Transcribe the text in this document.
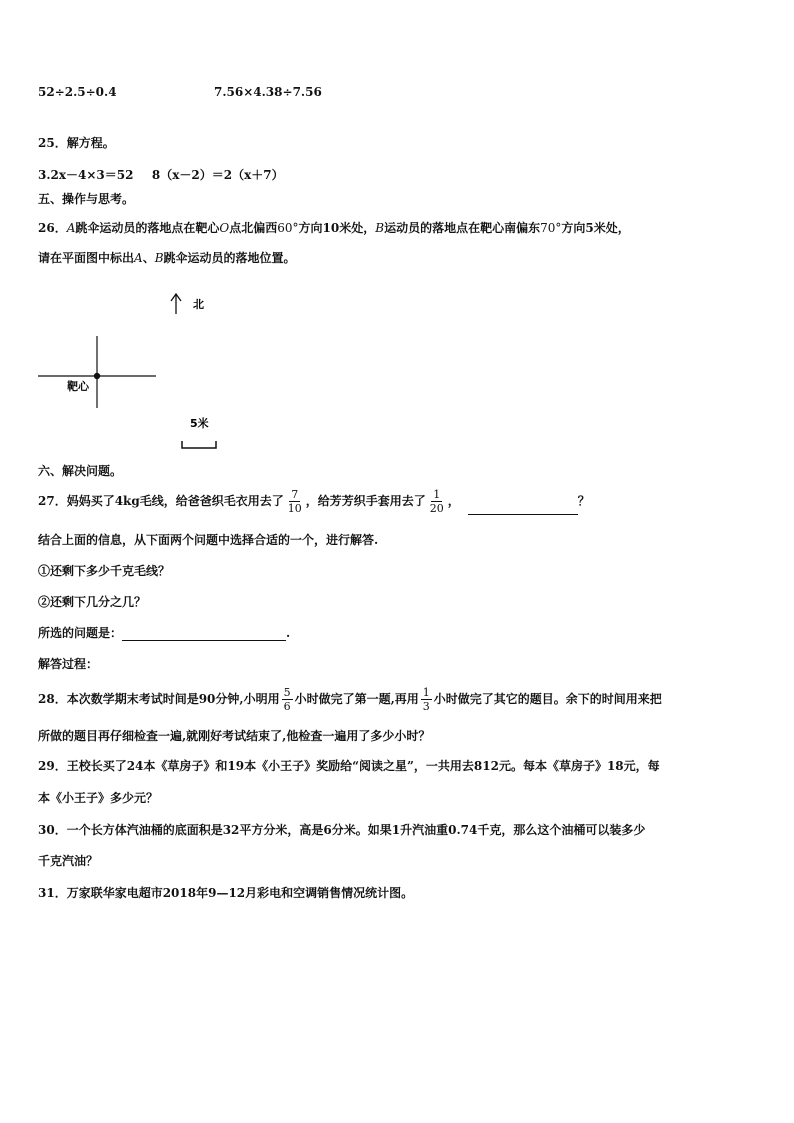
52÷2.5÷0.4	7.56×4.38÷7.56
25．解方程。
3.2x－4×3＝52 8（x－2）＝2（x＋7）
五、操作与思考。
26．A跳伞运动员的落地点在靶心O点北偏西60°方向10米处，B运动员的落地点在靶心南偏东70°方向5米处，
请在平面图中标出A、B跳伞运动员的落地位置。
北
靶心
5米
六、解决问题。
27．妈妈买了4kg毛线，给爸爸织毛衣用去了 $\frac{7}{10}$ ，给芳芳织手套用去了 $\frac{1}{20}$ ，	？
结合上面的信息，从下面两个问题中选择合适的一个，进行解答.
①还剩下多少千克毛线？
②还剩下几分之几？
所选的问题是：	.
解答过程：
28．本次数学期末考试时间是90分钟,小明用 $\frac{5}{6}$ 小时做完了第一题,再用 $\frac{1}{3}$ 小时做完了其它的题目。余下的时间用来把
所做的题目再仔细检查一遍,就刚好考试结束了,他检查一遍用了多少小时？
29．王校长买了24本《草房子》和19本《小王子》奖励给“阅读之星”，一共用去812元。每本《草房子》18元，每
本《小王子》多少元？
30．一个长方体汽油桶的底面积是32平方分米，高是6分米。如果1升汽油重0.74千克，那么这个油桶可以装多少
千克汽油？
31．万家联华家电超市2018年9—12月彩电和空调销售情况统计图。
